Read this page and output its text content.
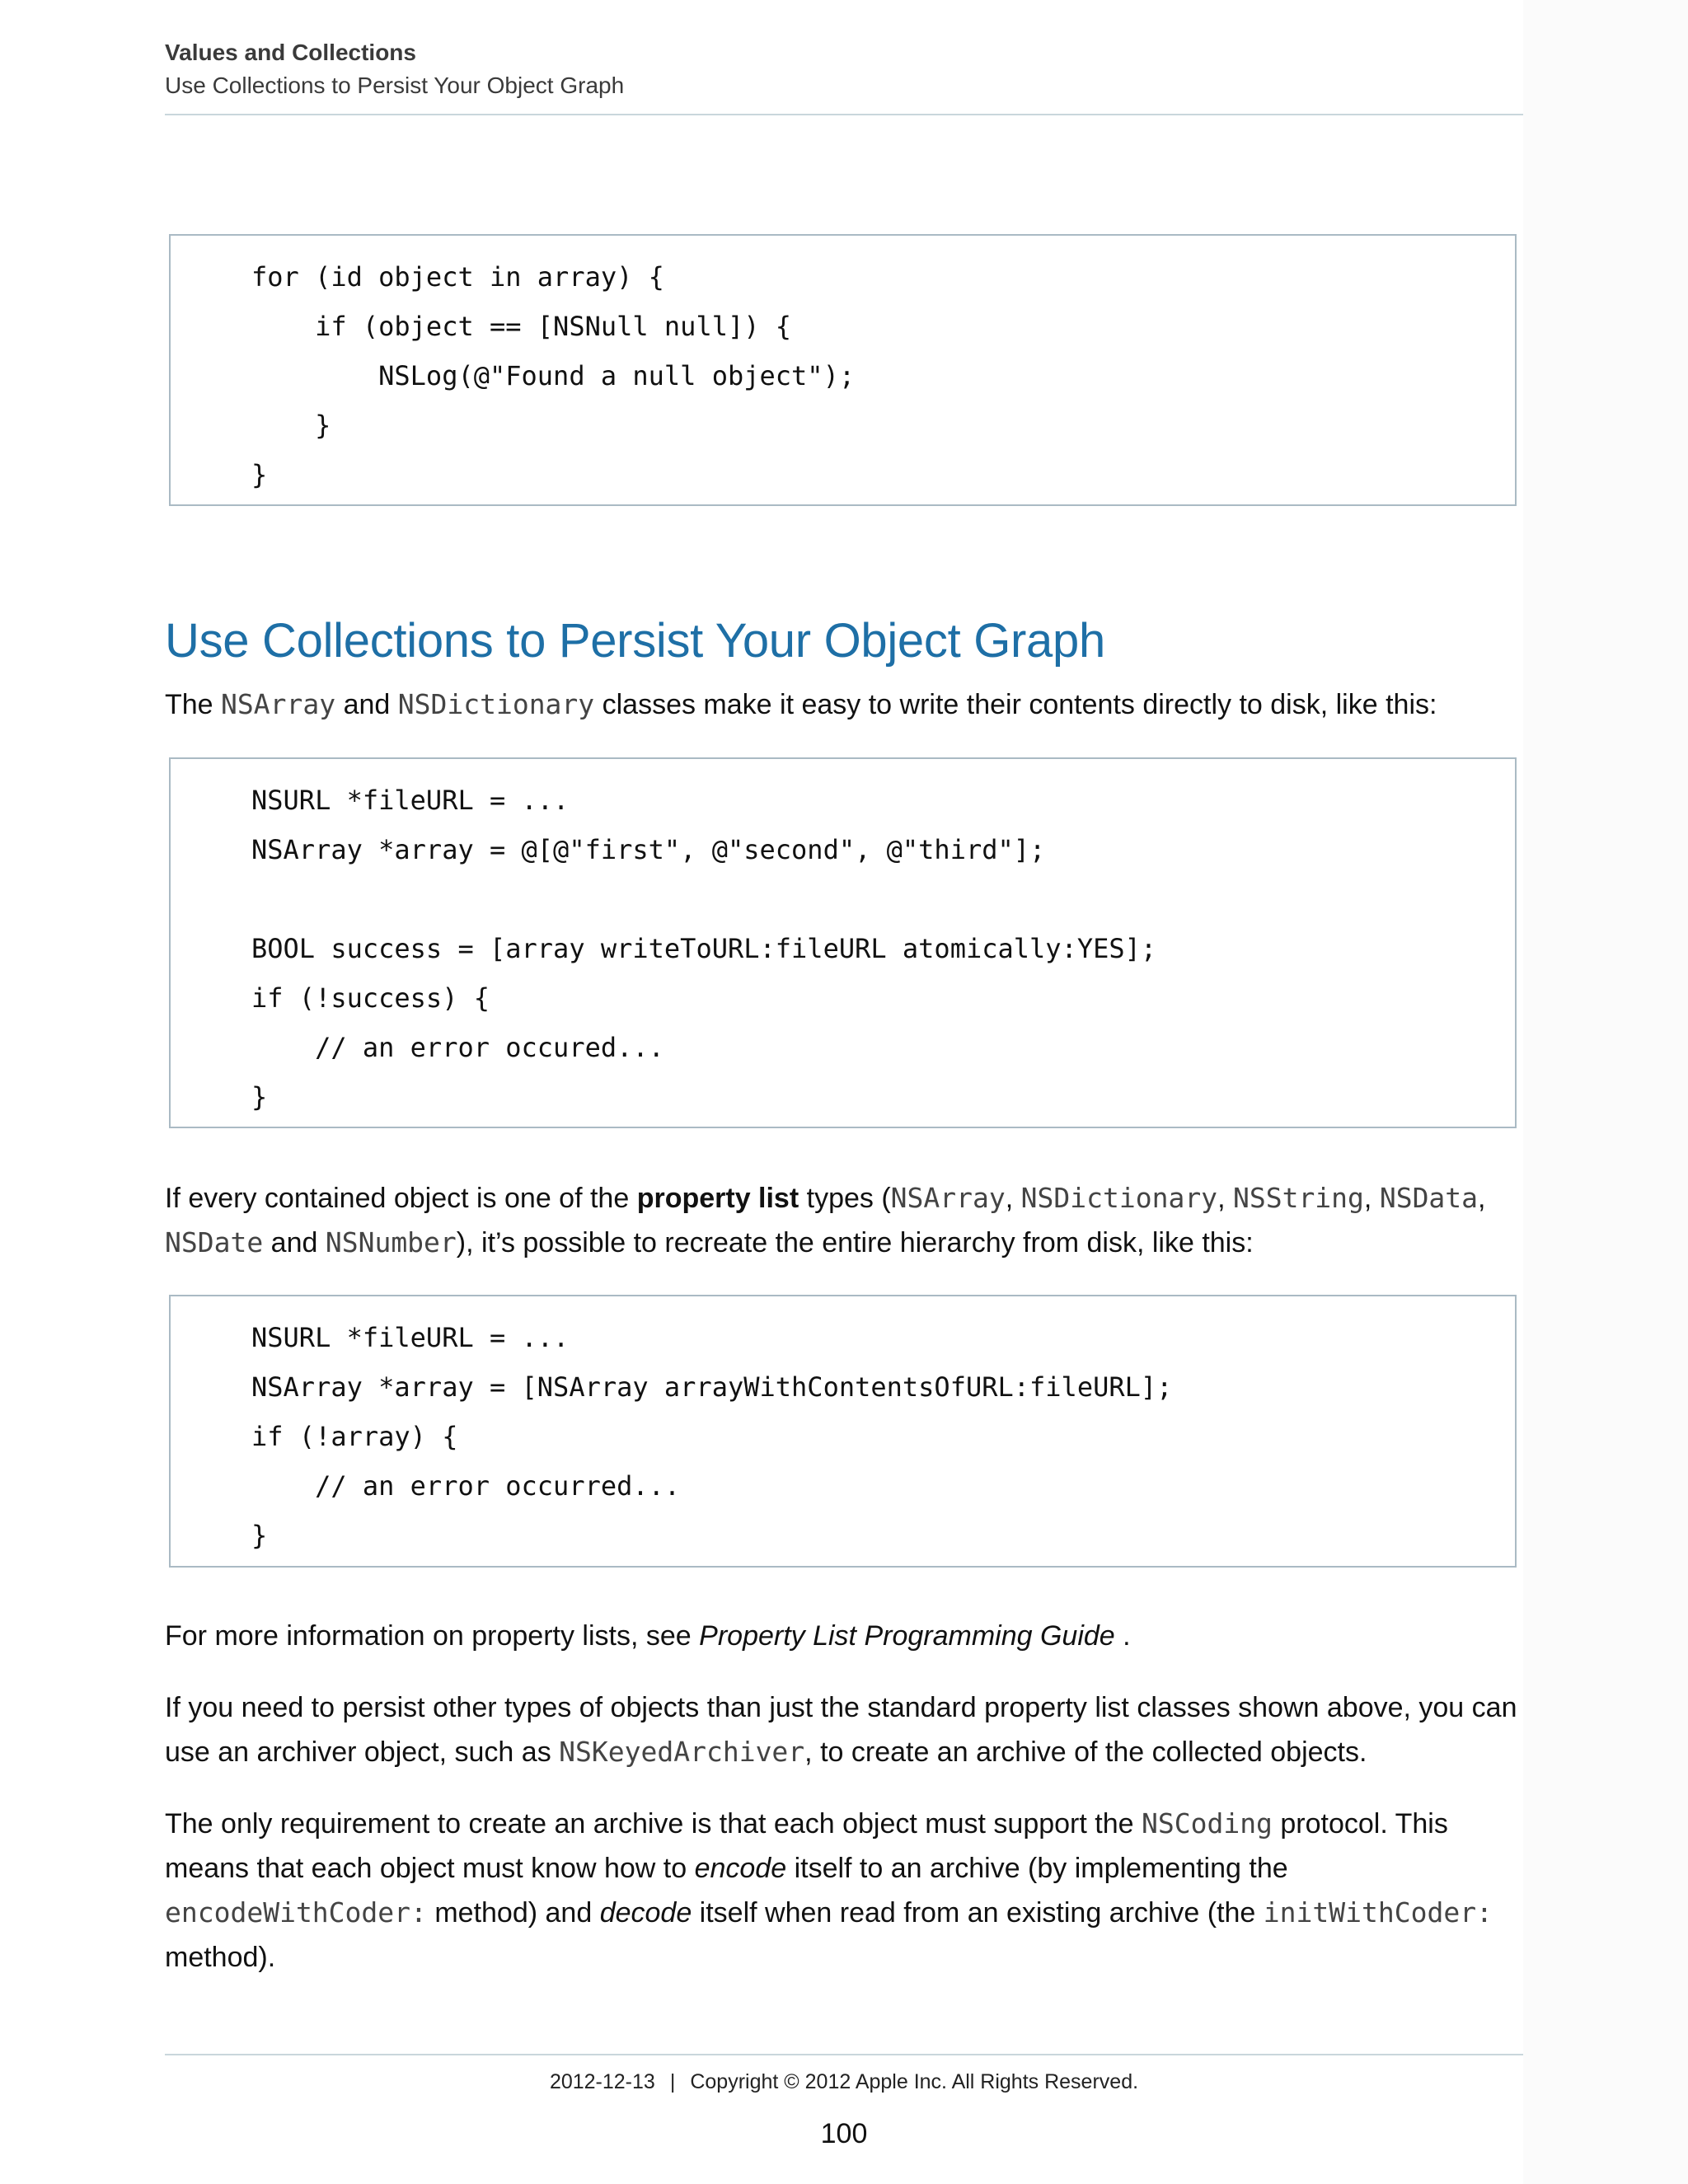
Values and Collections
Use Collections to Persist Your Object Graph
for (id object in array) {
if (object == [NSNull null]) {
NSLog(@"Found a null object");
}
}
Use Collections to Persist Your Object Graph
The NSArray and NSDictionary classes make it easy to write their contents directly to disk, like this:
NSURL *fileURL = ...
NSArray *array = @[@"first", @"second", @"third"];
BOOL success = [array writeToURL:fileURL atomically:YES];
if (!success) {
// an error occured...
}
If every contained object is one of the property list types (NSArray, NSDictionary, NSString, NSData, NSDate and NSNumber), it’s possible to recreate the entire hierarchy from disk, like this:
NSURL *fileURL = ...
NSArray *array = [NSArray arrayWithContentsOfURL:fileURL];
if (!array) {
// an error occurred...
}
For more information on property lists, see Property List Programming Guide .
If you need to persist other types of objects than just the standard property list classes shown above, you can use an archiver object, such as NSKeyedArchiver, to create an archive of the collected objects.
The only requirement to create an archive is that each object must support the NSCoding protocol. This means that each object must know how to encode itself to an archive (by implementing the encodeWithCoder: method) and decode itself when read from an existing archive (the initWithCoder: method).
2012-12-13 | Copyright © 2012 Apple Inc. All Rights Reserved.
100
